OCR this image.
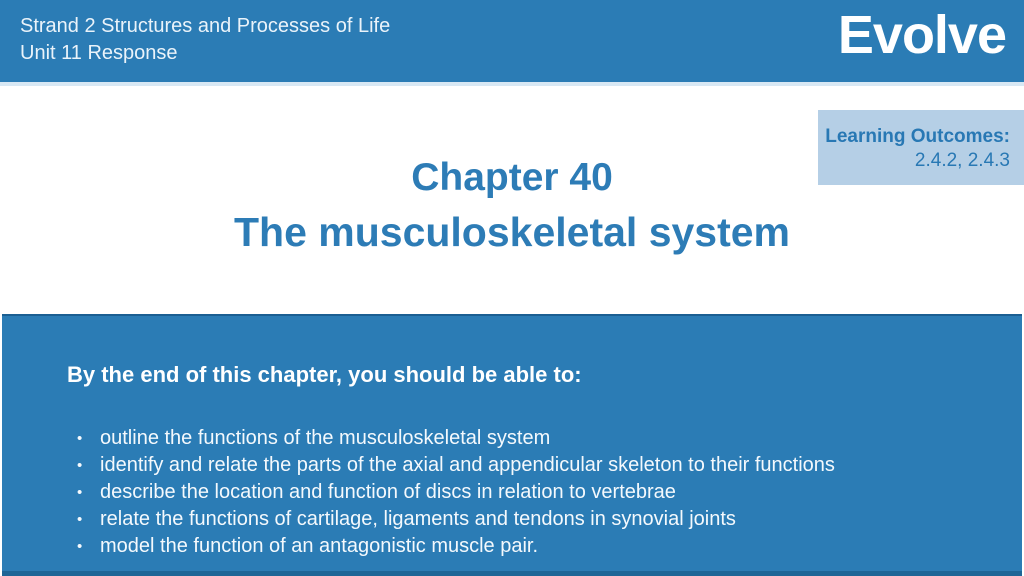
Strand 2 Structures and Processes of Life
Unit 11 Response	Evolve
Learning Outcomes:
2.4.2, 2.4.3
Chapter 40
The musculoskeletal system
By the end of this chapter, you should be able to:
• outline the functions of the musculoskeletal system
• identify and relate the parts of the axial and appendicular skeleton to their functions
• describe the location and function of discs in relation to vertebrae
• relate the functions of cartilage, ligaments and tendons in synovial joints
• model the function of an antagonistic muscle pair.
